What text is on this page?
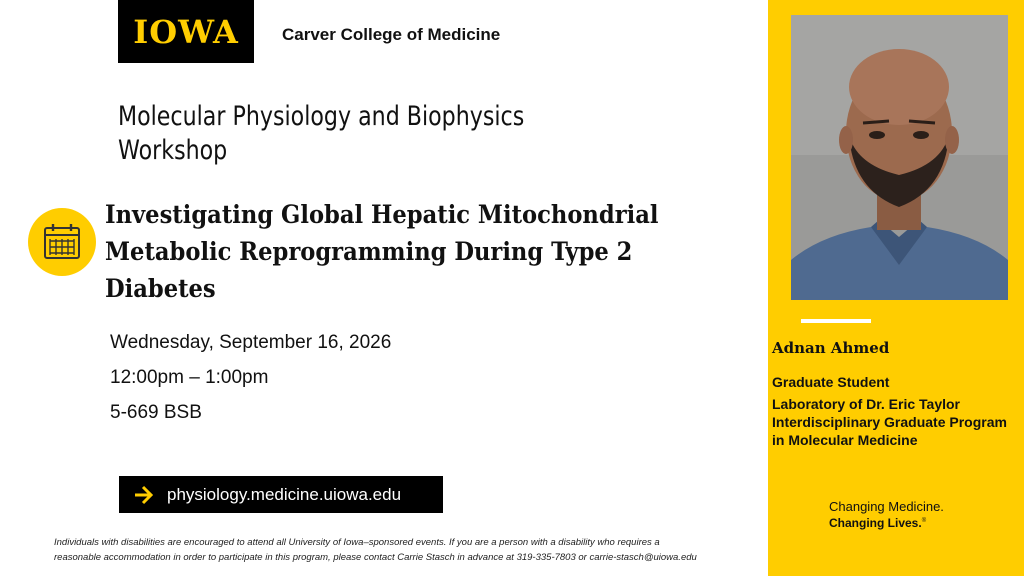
IOWA	Carver College of Medicine
Molecular Physiology and Biophysics
Workshop
Investigating Global Hepatic Mitochondrial
Metabolic Reprogramming During Type 2
Diabetes
Wednesday, September 16, 2026
12:00pm – 1:00pm
5-669 BSB
physiology.medicine.uiowa.edu
Individuals with disabilities are encouraged to attend all University of Iowa–sponsored events. If you are a person with a disability who requires a
reasonable accommodation in order to participate in this program, please contact Carrie Stasch in advance at 319-335-7803 or carrie-stasch@uiowa.edu
Adnan Ahmed
Graduate Student
Laboratory of Dr. Eric Taylor
Interdisciplinary Graduate Program
in Molecular Medicine
Changing Medicine.
Changing Lives.®
